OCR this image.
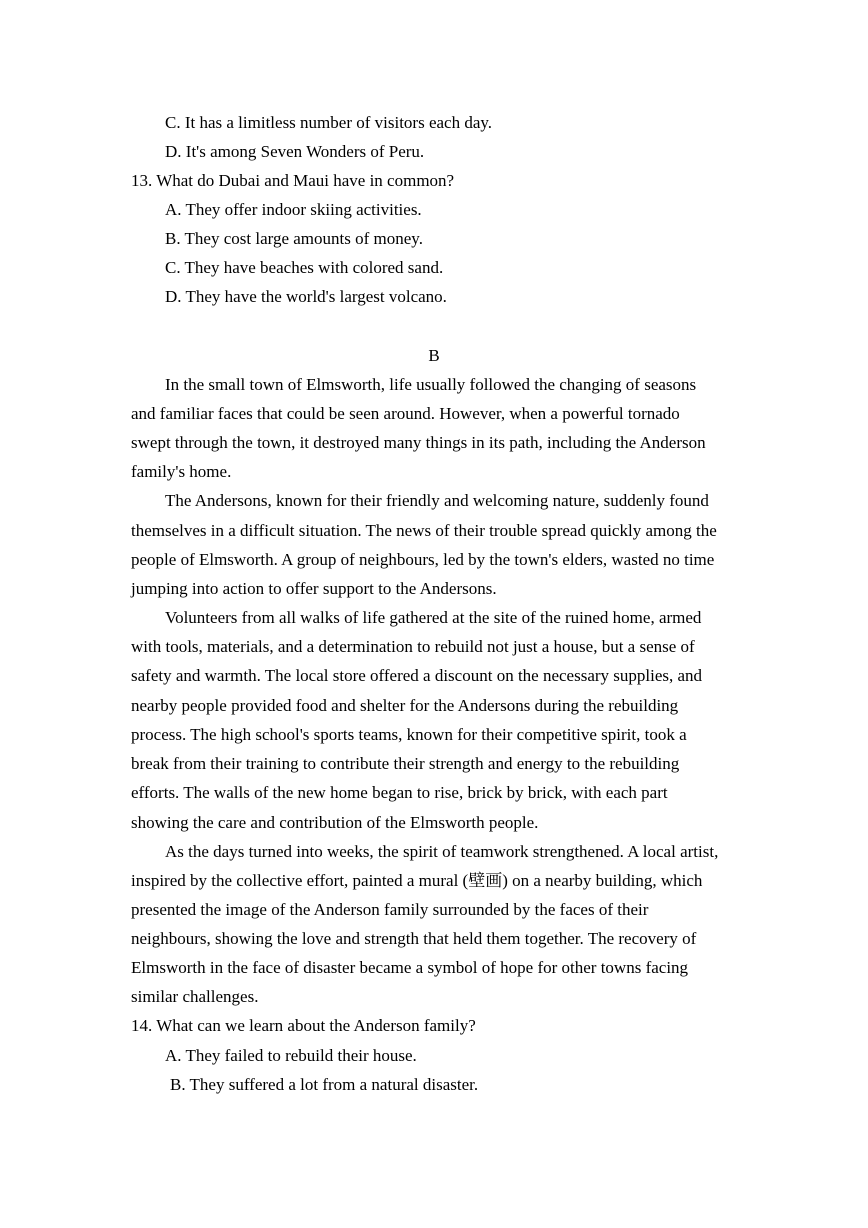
C. It has a limitless number of visitors each day.
D. It's among Seven Wonders of Peru.
13. What do Dubai and Maui have in common?
A. They offer indoor skiing activities.
B. They cost large amounts of money.
C. They have beaches with colored sand.
D. They have the world's largest volcano.
B
In the small town of Elmsworth, life usually followed the changing of seasons
and familiar faces that could be seen around. However, when a powerful tornado
swept through the town, it destroyed many things in its path, including the Anderson
family's home.
The Andersons, known for their friendly and welcoming nature, suddenly found
themselves in a difficult situation. The news of their trouble spread quickly among the
people of Elmsworth. A group of neighbours, led by the town's elders, wasted no time
jumping into action to offer support to the Andersons.
Volunteers from all walks of life gathered at the site of the ruined home, armed
with tools, materials, and a determination to rebuild not just a house, but a sense of
safety and warmth. The local store offered a discount on the necessary supplies, and
nearby people provided food and shelter for the Andersons during the rebuilding
process. The high school's sports teams, known for their competitive spirit, took a
break from their training to contribute their strength and energy to the rebuilding
efforts. The walls of the new home began to rise, brick by brick, with each part
showing the care and contribution of the Elmsworth people.
As the days turned into weeks, the spirit of teamwork strengthened. A local artist,
inspired by the collective effort, painted a mural (壁画) on a nearby building, which
presented the image of the Anderson family surrounded by the faces of their
neighbours, showing the love and strength that held them together. The recovery of
Elmsworth in the face of disaster became a symbol of hope for other towns facing
similar challenges.
14. What can we learn about the Anderson family?
A. They failed to rebuild their house.
B. They suffered a lot from a natural disaster.
